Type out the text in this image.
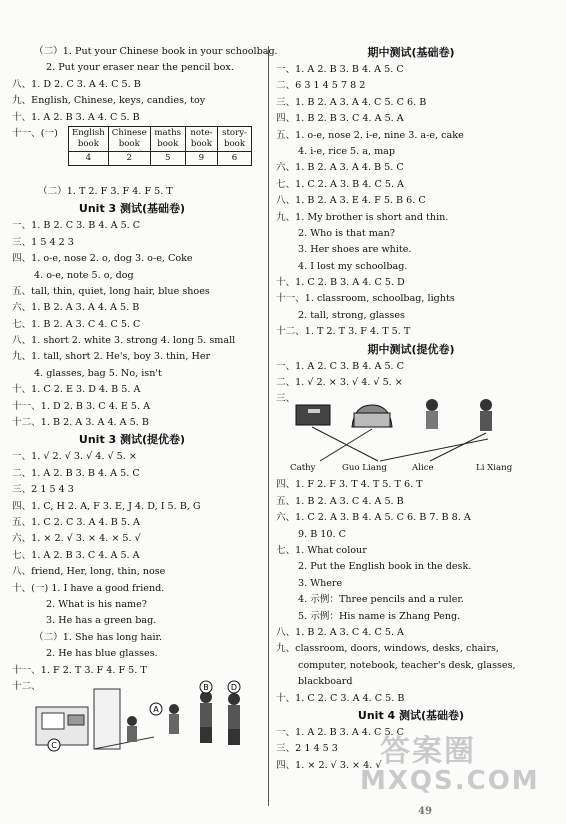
（二）1. Put your Chinese book in your schoolbag.
2. Put your eraser near the pencil box.
八、1. D 2. C 3. A 4. C 5. B
九、English, Chinese, keys, candies, toy
十、1. A 2. B 3. A 4. C 5. B
十一、(一) English book	Chinese book	maths book	note-book	story-book
4	2	5	9	6
（二）1. T 2. F 3. F 4. F 5. T
Unit 3 测试(基础卷)
一、1. B 2. C 3. B 4. A 5. C
三、1 5 4 2 3
四、1. o-e, nose 2. o, dog 3. o-e, Coke
4. o-e, note 5. o, dog
五、tall, thin, quiet, long hair, blue shoes
六、1. B 2. A 3. A 4. A 5. B
七、1. B 2. A 3. C 4. C 5. C
八、1. short 2. white 3. strong 4. long 5. small
九、1. tall, short 2. He's, boy 3. thin, Her
4. glasses, bag 5. No, isn't
十、1. C 2. E 3. D 4. B 5. A
十一、1. D 2. B 3. C 4. E 5. A
十二、1. B 2. A 3. A 4. A 5. B
Unit 3 测试(提优卷)
一、1. √ 2. √ 3. √ 4. √ 5. ×
二、1. A 2. B 3. B 4. A 5. C
三、2 1 5 4 3
四、1. C, H 2. A, F 3. E, J 4. D, I 5. B, G
五、1. C 2. C 3. A 4. B 5. A
六、1. × 2. √ 3. × 4. × 5. √
七、1. A 2. B 3. C 4. A 5. A
八、friend, Her, long, thin, nose
十、(一) 1. I have a good friend.
2. What is his name?
3. He has a green bag.
（二）1. She has long hair.
2. He has blue glasses.
十一、1. F 2. T 3. F 4. F 5. T
十二、
C
A
B	D
期中测试(基础卷)
一、1. A 2. B 3. B 4. A 5. C
二、6 3 1 4 5 7 8 2
三、1. B 2. A 3. A 4. C 5. C 6. B
四、1. B 2. B 3. C 4. A 5. A
五、1. o-e, nose 2. i-e, nine 3. a-e, cake
4. i-e, rice 5. a, map
六、1. B 2. A 3. A 4. B 5. C
七、1. C 2. A 3. B 4. C 5. A
八、1. B 2. A 3. E 4. F 5. B 6. C
九、1. My brother is short and thin.
2. Who is that man?
3. Her shoes are white.
4. I lost my schoolbag.
十、1. C 2. B 3. A 4. C 5. D
十一、1. classroom, schoolbag, lights
2. tall, strong, glasses
十二、1. T 2. T 3. F 4. T 5. T
期中测试(提优卷)
一、1. A 2. C 3. B 4. A 5. C
二、1. √ 2. × 3. √ 4. √ 5. ×
三、
Cathy	Guo Liang	Alice	Li Xiang
四、1. F 2. F 3. T 4. T 5. T 6. T
五、1. B 2. A 3. C 4. A 5. B
六、1. C 2. A 3. B 4. A 5. C 6. B 7. B 8. A
9. B 10. C
七、1. What colour
2. Put the English book in the desk.
3. Where
4. 示例：Three pencils and a ruler.
5. 示例：His name is Zhang Peng.
八、1. B 2. A 3. C 4. C 5. A
九、classroom, doors, windows, desks, chairs,
computer, notebook, teacher's desk, glasses,
blackboard
十、1. C 2. C 3. A 4. C 5. B
Unit 4 测试(基础卷)
一、1. A 2. B 3. A 4. C 5. C
三、2 1 4 5 3
四、1. × 2. √ 3. × 4. √
答案圈
MXQS.COM
49
